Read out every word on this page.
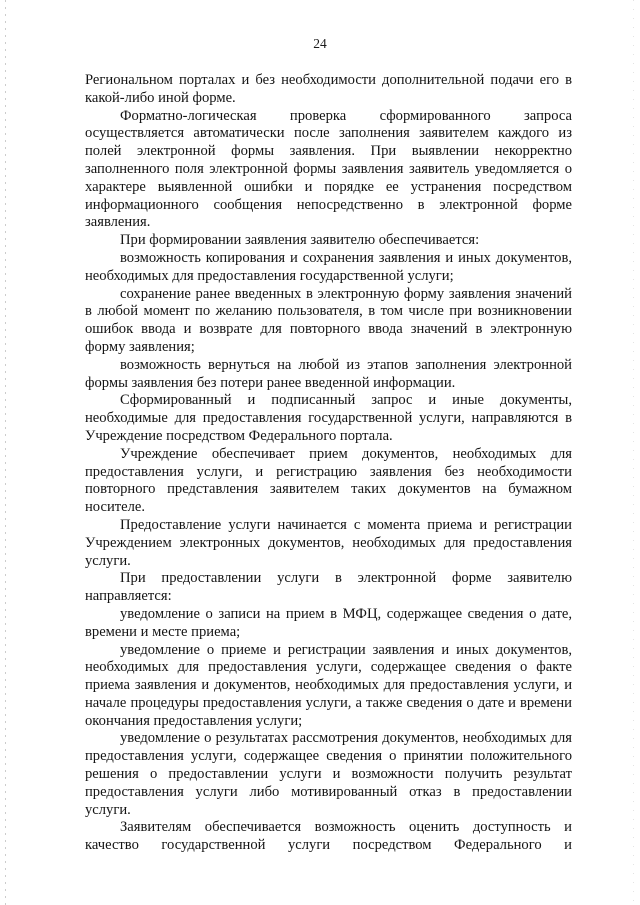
24

Региональном порталах и без необходимости дополнительной подачи его в какой-либо иной форме.

Форматно-логическая проверка сформированного запроса осуществляется автоматически после заполнения заявителем каждого из полей электронной формы заявления. При выявлении некорректно заполненного поля электронной формы заявления заявитель уведомляется о характере выявленной ошибки и порядке ее устранения посредством информационного сообщения непосредственно в электронной форме заявления.

При формировании заявления заявителю обеспечивается:

возможность копирования и сохранения заявления и иных документов, необходимых для предоставления государственной услуги;

сохранение ранее введенных в электронную форму заявления значений в любой момент по желанию пользователя, в том числе при возникновении ошибок ввода и возврате для повторного ввода значений в электронную форму заявления;

возможность вернуться на любой из этапов заполнения электронной формы заявления без потери ранее введенной информации.

Сформированный и подписанный запрос и иные документы, необходимые для предоставления государственной услуги, направляются в Учреждение посредством Федерального портала.

Учреждение обеспечивает прием документов, необходимых для предоставления услуги, и регистрацию заявления без необходимости повторного представления заявителем таких документов на бумажном носителе.

Предоставление услуги начинается с момента приема и регистрации Учреждением электронных документов, необходимых для предоставления услуги.

При предоставлении услуги в электронной форме заявителю направляется:

уведомление о записи на прием в МФЦ, содержащее сведения о дате, времени и месте приема;

уведомление о приеме и регистрации заявления и иных документов, необходимых для предоставления услуги, содержащее сведения о факте приема заявления и документов, необходимых для предоставления услуги, и начале процедуры предоставления услуги, а также сведения о дате и времени окончания предоставления услуги;

уведомление о результатах рассмотрения документов, необходимых для предоставления услуги, содержащее сведения о принятии положительного решения о предоставлении услуги и возможности получить результат предоставления услуги либо мотивированный отказ в предоставлении услуги.

Заявителям обеспечивается возможность оценить доступность и качество государственной услуги посредством Федерального и
